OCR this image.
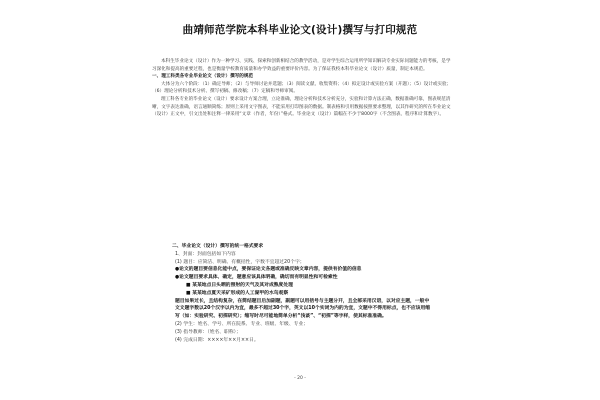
曲靖师范学院本科毕业论文(设计)撰写与打印规范

本科生毕业论文（设计）作为一种学习、实践、探索和创新相结合的教学活动，是对学生综合运用所学知识解决专业实际问题能力的考核，是学习深化和提高的重要过程，也是衡量学校教育质量和办学效益的重要评价内容。为了保证我校本科毕业论文（设计）质量，制定本规范。

一、理工科类各专业毕业论文（设计）撰写的规范

大体分为六个阶段：（1）确定导师；（2）与导师讨论并选题；（3）阅读文献、收集资料；（4）拟定设计或实验方案（开题）；（5）设计或实验；（6）理论分析和技术分析、撰写初稿、修改稿；（7）定稿和导师审阅。

理工科各专业的毕业论文（设计）要求设计方案合理，立论准确，理论分析和技术分析充分，实验和计算方法正确，数据准确可靠，图表规范清晰，文字表达准确，语言通顺简练；原则上采用文字图表，不能采用打印图表的数据。制表格和引用数据按照要求整理，以其作研究的所在毕业论文（设计）正文中，引文出处和注释一律采用“文章（作者，年份）”格式。毕业论文（设计）篇幅在不少于8000字（不含图表、程序和计算数字）。

二、毕业论文（设计）撰写的统一格式要求

1、封面：封面包括如下内容

(1) 题目：应简洁、明确、有概括性，字数不宜超过20个字；

●论文的题目要信息化能中点，要保证论文各题或准确反映文章内容，提供有价值的信息

●论文题目要求具体、确定，题意应该具体明确，确切而有明显性和可检索性

■ 某某地点日头晒的照射的天气及其对成熟度处理

■ 某某地点夏天采矿形成的人工湖甲的水鸟观察

题目如果过长，且结构复杂，在简结题目后加副题，副题可以用括号与主题分开，且全部采用汉语，以对应主题，一般中文文题字数以20个汉字以内为宜，最多不超过30个字，英文以10个实词为内的为宜，文题中不得用标点，也不应该用缩写（如：实验研究、初探研究）；缩写时尽可能地简单分析“浅谈”、“初探”等字样，使其标准准确。

(2) 学生：姓名、学号、所在院系、专业、班级、年级、专业；

(3) 指导教师：（姓名、职称）；

(4) 完成日期：××××年××月××日。

- 20 -
